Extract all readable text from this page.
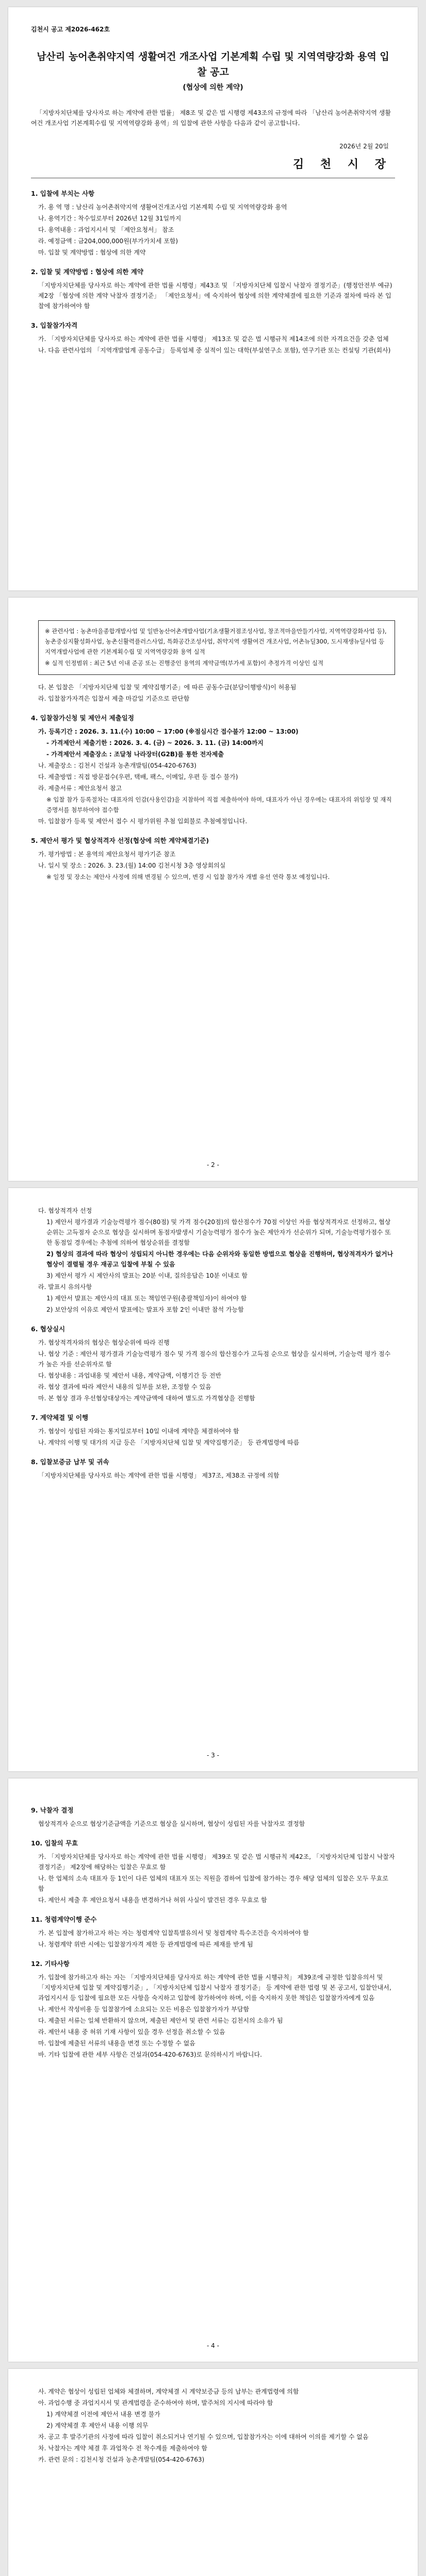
김천시 공고 제2026-462호
남산리 농어촌취약지역 생활여건 개조사업 기본계획 수립 및 지역역량강화 용역 입찰 공고
(협상에 의한 계약)
「지방자치단체를 당사자로 하는 계약에 관한 법률」 제8조 및 같은 법 시행령 제43조의 규정에 따라 「남산리 농어촌취약지역 생활여건 개조사업 기본계획수립 및 지역역량강화 용역」의 입찰에 관한 사항을 다음과 같이 공고합니다.
2026년 2월 20일
김 천 시 장
1. 입찰에 부치는 사항
가. 용 역 명 : 남산리 농어촌취약지역 생활여건개조사업 기본계획 수립 및 지역역량강화 용역
나. 용역기간 : 착수일로부터 2026년 12월 31일까지
다. 용역내용 : 과업지시서 및 「제안요청서」 참조
라. 예정금액 : 금204,000,000원(부가가치세 포함)
마. 입찰 및 계약방법 : 협상에 의한 계약
2. 입찰 및 계약방법 : 협상에 의한 계약
「지방자치단체를 당사자로 하는 계약에 관한 법률 시행령」제43조 및 「지방자치단체 입찰시 낙찰자 결정기준」(행정안전부 예규) 제2장 「협상에 의한 계약 낙찰자 결정기준」 「제안요청서」에 숙지하여 협상에 의한 계약체결에 필요한 기준과 절차에 따라 본 입찰에 참가하여야 함
3. 입찰참가자격
가. 「지방자치단체를 당사자로 하는 계약에 관한 법률 시행령」 제13조 및 같은 법 시행규칙 제14조에 의한 자격요건을 갖춘 업체
나. 다음 관련사업의 「지역개발업계 공동수급」 등록업체 중 실적이 있는 대학(부설연구소 포함), 연구기관 또는 컨설팅 기관(회사)
※ 관련사업 : 농촌마을종합개발사업 및 일반농산어촌개발사업(기초생활거점조성사업, 창조적마을만들기사업, 지역역량강화사업 등), 농촌중심지활성화사업, 농촌신활력플러스사업, 특화공간조성사업, 취약지역 생활여건 개조사업, 어촌뉴딜300, 도시재생뉴딜사업 등 지역개발사업에 관한 기본계획수립 및 지역역량강화 용역 실적
※ 실적 인정범위 : 최근 5년 이내 준공 또는 진행중인 용역의 계약금액(부가세 포함)이 추정가격 이상인 실적
다. 본 입찰은 「지방자치단체 입찰 및 계약집행기준」에 따른 공동수급(분담이행방식)이 허용됨
라. 입찰참가자격은 입찰서 제출 마감일 기준으로 판단함
4. 입찰참가신청 및 제안서 제출일정
가. 등록기간 : 2026. 3. 11.(수) 10:00 ~ 17:00 (※점심시간 접수불가 12:00 ~ 13:00)
- 가격제안서 제출기한 : 2026. 3. 4. (금) ~ 2026. 3. 11. (금) 14:00까지
- 가격제안서 제출장소 : 조달청 나라장터(G2B)를 통한 전자제출
나. 제출장소 : 김천시 건설과 농촌개발팀(054-420-6763)
다. 제출방법 : 직접 방문접수(우편, 택배, 팩스, 이메일, 우편 등 접수 불가)
라. 제출서류 : 제안요청서 참고
※ 입찰 참가 등록절차는 대표자의 인감(사용인감)을 지참하여 직접 제출하여야 하며, 대표자가 아닌 경우에는 대표자의 위임장 및 재직증명서를 첨부하여야 접수함
마. 입찰참가 등록 및 제안서 접수 시 평가위원 추첨 입회불로 추첨예정입니다.
5. 제안서 평가 및 협상적격자 선정(협상에 의한 계약체결기준)
가. 평가방법 : 본 용역의 제안요청서 평가기준 참조
나. 일시 및 장소 : 2026. 3. 23.(월) 14:00 김천시청 3층 영상회의실
※ 일정 및 장소는 제안사 사정에 의해 변경될 수 있으며, 변경 시 입찰 참가자 개별 유선 연락 통보 예정입니다.
- 2 -
다. 협상적격자 선정
1) 제안서 평가결과 기술능력평가 점수(80점) 및 가격 점수(20점)의 합산점수가 70점 이상인 자를 협상적격자로 선정하고, 협상순위는 고득점자 순으로 협상을 실시하며 동점자발생시 기술능력평가 점수가 높은 제안자가 선순위가 되며, 기술능력평가점수 또한 동점일 경우에는 추첨에 의하여 협상순위를 결정함
2) 협상의 결과에 따라 협상이 성립되지 아니한 경우에는 다음 순위자와 동일한 방법으로 협상을 진행하며, 협상적격자가 없거나 협상이 결렬될 경우 재공고 입찰에 부칠 수 있음
3) 제안서 평가 시 제안사의 발표는 20분 이내, 질의응답은 10분 이내로 함
라. 발표시 유의사항
1) 제안서 발표는 제안사의 대표 또는 책임연구원(총괄책임자)이 하여야 함
2) 보안상의 이유로 제안서 발표에는 발표자 포함 2인 이내만 참석 가능함
6. 협상실시
가. 협상적격자와의 협상은 협상순위에 따라 진행
나. 협상 기준 : 제안서 평가결과 기술능력평가 점수 및 가격 점수의 합산점수가 고득점 순으로 협상을 실시하며, 기술능력 평가 점수가 높은 자를 선순위자로 함
다. 협상내용 : 과업내용 및 제안서 내용, 계약금액, 이행기간 등 전반
라. 협상 결과에 따라 제안서 내용의 일부를 보완, 조정할 수 있음
마. 본 협상 결과 우선협상대상자는 계약금액에 대하여 별도로 가격협상을 진행함
7. 계약체결 및 이행
가. 협상이 성립된 자와는 통지일로부터 10일 이내에 계약을 체결하여야 함
나. 계약의 이행 및 대가의 지급 등은 「지방자치단체 입찰 및 계약집행기준」 등 관계법령에 따름
8. 입찰보증금 납부 및 귀속
「지방자치단체를 당사자로 하는 계약에 관한 법률 시행령」 제37조, 제38조 규정에 의함
- 3 -
9. 낙찰자 결정
협상적격자 순으로 협상기준금액을 기준으로 협상을 실시하며, 협상이 성립된 자를 낙찰자로 결정함
10. 입찰의 무효
가. 「지방자치단체를 당사자로 하는 계약에 관한 법률 시행령」 제39조 및 같은 법 시행규칙 제42조, 「지방자치단체 입찰시 낙찰자 결정기준」 제2장에 해당하는 입찰은 무효로 함
나. 한 업체의 소속 대표자 등 1인이 다른 업체의 대표자 또는 직원을 겸하여 입찰에 참가하는 경우 해당 업체의 입찰은 모두 무효로 함
다. 제안서 제출 후 제안요청서 내용을 변경하거나 허위 사실이 발견된 경우 무효로 함
11. 청렴계약이행 준수
가. 본 입찰에 참가하고자 하는 자는 청렴계약 입찰특별유의서 및 청렴계약 특수조건을 숙지하여야 함
나. 청렴계약 위반 시에는 입찰참가자격 제한 등 관계법령에 따른 제재를 받게 됨
12. 기타사항
가. 입찰에 참가하고자 하는 자는 「지방자치단체를 당사자로 하는 계약에 관한 법률 시행규칙」 제39조에 규정한 입찰유의서 및 「지방자치단체 입찰 및 계약집행기준」, 「지방자치단체 입찰시 낙찰자 결정기준」 등 계약에 관한 법령 및 본 공고서, 입찰안내서, 과업지시서 등 입찰에 필요한 모든 사항을 숙지하고 입찰에 참가하여야 하며, 이를 숙지하지 못한 책임은 입찰참가자에게 있음
나. 제안서 작성비용 등 입찰참가에 소요되는 모든 비용은 입찰참가자가 부담함
다. 제출된 서류는 일체 반환하지 않으며, 제출된 제안서 및 관련 서류는 김천시의 소유가 됨
라. 제안서 내용 중 허위 기재 사항이 있을 경우 선정을 취소할 수 있음
마. 입찰에 제출된 서류의 내용을 변경 또는 수정할 수 없음
바. 기타 입찰에 관한 세부 사항은 건설과(054-420-6763)로 문의하시기 바랍니다.
- 4 -
사. 계약은 협상이 성립된 업체와 체결하며, 계약체결 시 계약보증금 등의 납부는 관계법령에 의함
아. 과업수행 중 과업지시서 및 관계법령을 준수하여야 하며, 발주처의 지시에 따라야 함
1) 계약체결 이전에 제안서 내용 변경 불가
2) 계약체결 후 제안서 내용 이행 의무
자. 공고 후 발주기관의 사정에 따라 입찰이 취소되거나 연기될 수 있으며, 입찰참가자는 이에 대하여 이의를 제기할 수 없음
차. 낙찰자는 계약 체결 후 과업착수 전 착수계를 제출하여야 함
카. 관련 문의 : 김천시청 건설과 농촌개발팀(054-420-6763)
